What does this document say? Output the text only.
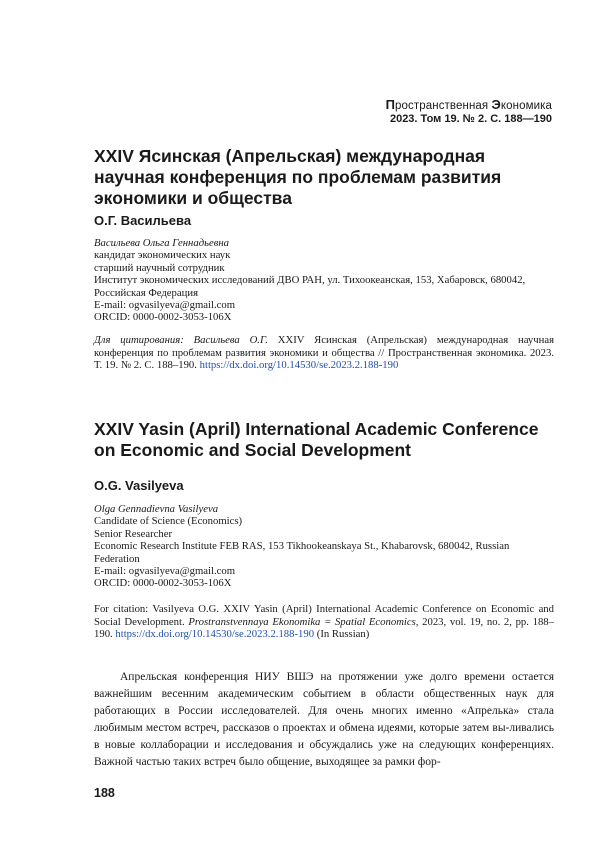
Пространственная Экономика
2023. Том 19. № 2. С. 188—190
XXIV Ясинская (Апрельская) международная научная конференция по проблемам развития экономики и общества
О.Г. Васильева
Васильева Ольга Геннадьевна
кандидат экономических наук
старший научный сотрудник
Институт экономических исследований ДВО РАН, ул. Тихоокеанская, 153, Хабаровск, 680042, Российская Федерация
E-mail: ogvasilyeva@gmail.com
ORCID: 0000-0002-3053-106X
Для цитирования: Васильева О.Г. XXIV Ясинская (Апрельская) международная научная конференция по проблемам развития экономики и общества // Пространственная экономика. 2023. Т. 19. № 2. С. 188–190. https://dx.doi.org/10.14530/se.2023.2.188-190
XXIV Yasin (April) International Academic Conference on Economic and Social Development
O.G. Vasilyeva
Olga Gennadievna Vasilyeva
Candidate of Science (Economics)
Senior Researcher
Economic Research Institute FEB RAS, 153 Tikhookeanskaya St., Khabarovsk, 680042, Russian Federation
E-mail: ogvasilyeva@gmail.com
ORCID: 0000-0002-3053-106X
For citation: Vasilyeva O.G. XXIV Yasin (April) International Academic Conference on Economic and Social Development. Prostranstvennaya Ekonomika = Spatial Economics, 2023, vol. 19, no. 2, pp. 188–190. https://dx.doi.org/10.14530/se.2023.2.188-190 (In Russian)

Апрельская конференция НИУ ВШЭ на протяжении уже долго времени остается важнейшим весенним академическим событием в области общественных наук для работающих в России исследователей. Для очень многих именно «Апрелька» стала любимым местом встреч, рассказов о проектах и обмена идеями, которые затем вы-ливались в новые коллаборации и исследования и обсуждались уже на следующих конференциях. Важной частью таких встреч было общение, выходящее за рамки фор-

188
